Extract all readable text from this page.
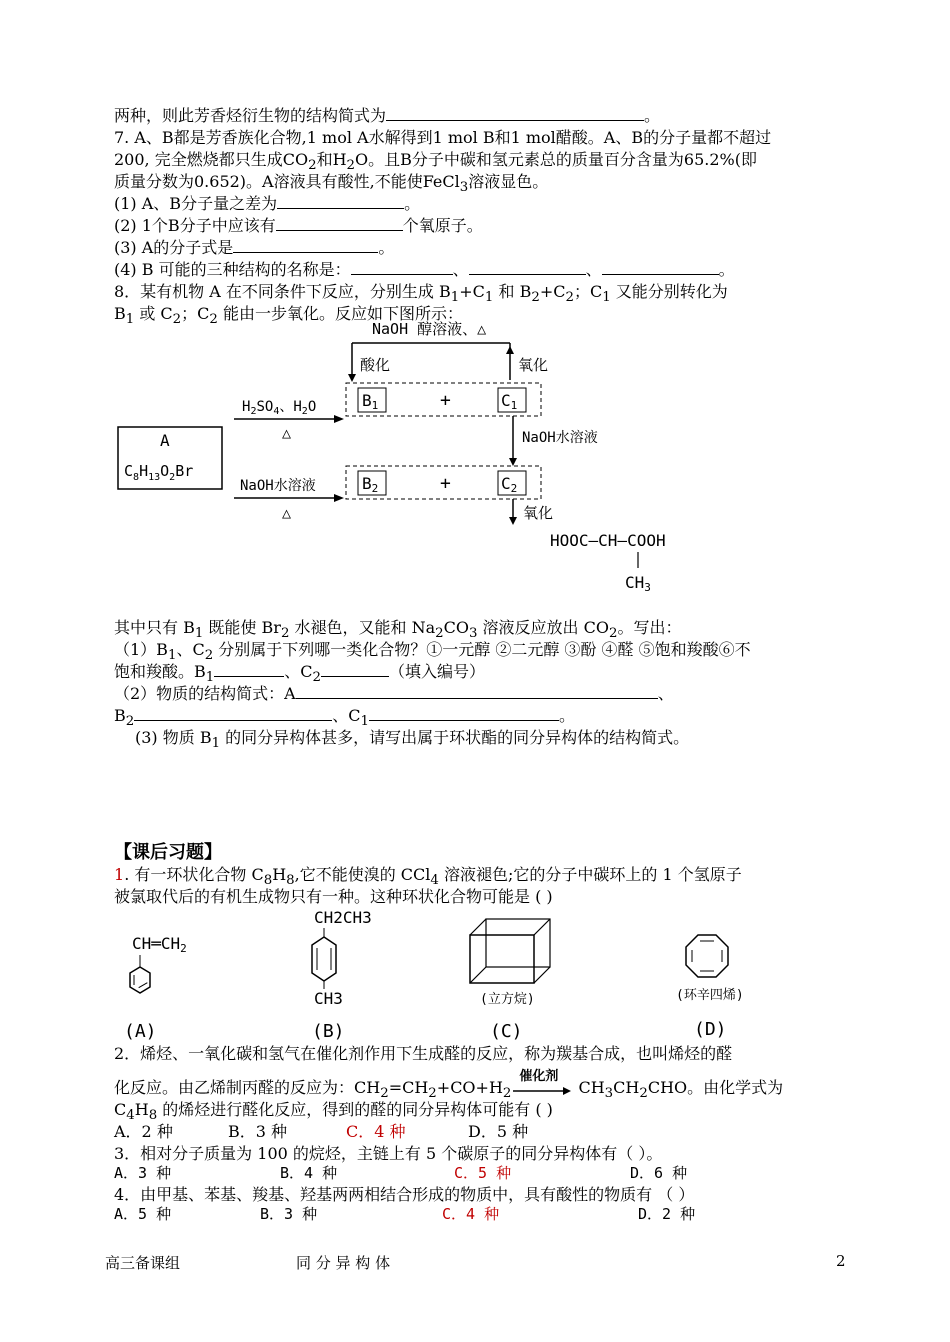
两种，则此芳香烃衍生物的结构简式为	。
7. A、B都是芳香族化合物,1 mol A水解得到1 mol B和1 mol醋酸。A、B的分子量都不超过
200, 完全燃烧都只生成$CO_2$和$H_2O$。且B分子中碳和氢元素总的质量百分含量为65.2%(即
质量分数为0.652)。A溶液具有酸性,不能使FeCl$_3$溶液显色。
(1) A、B分子量之差为	。
(2) 1个B分子中应该有	个氧原子。
(3) A的分子式是	。
(4) B 可能的三种结构的名称是：	、	、	。
8．某有机物 A 在不同条件下反应，分别生成 $B_1+C_1$ 和 $B_2+C_2$；$C_1$ 又能分别转化为
$B_1$ 或 $C_2$；$C_2$ 能由一步氧化。反应如下图所示：
NaOH 醇溶液、△
酸化	氧化
B1	+	C1
A
$C_8H_{13}O_2Br$
$H_2SO_4$、$H_2O$
△
NaOH水溶液
△
NaOH水溶液
B2	+	C2
氧化
HOOC—CH—COOH
CH3
其中只有 $B_1$ 既能使 $Br_2$ 水褪色，又能和 $Na_2CO_3$ 溶液反应放出 $CO_2$。写出：
$(1)B_1$、$C_2$ 分别属于下列哪一类化合物？①一元醇 ②二元醇 ③酚 ④醛 ⑤饱和羧酸⑥不
饱和羧酸。$B_1$	、$C_2$	（填入编号）
（2）物质的结构简式：A	、
$B_2$	、$C_1$	。
(3) 物质 $B_1$ 的同分异构体甚多，请写出属于环状酯的同分异构体的结构简式。
【课后习题】
1. 有一环状化合物 $C_8H_8$,它不能使溴的 CCl$_4$ 溶液褪色;它的分子中碳环上的 1 个氢原子
被氯取代后的有机生成物只有一种。这种环状化合物可能是 ( )
CH═CH2
(A)
CH2CH3
CH3
(B)
(立方烷)
(C)
(环辛四烯)
(D)
2．烯烃、一氧化碳和氢气在催化剂作用下生成醛的反应，称为羰基合成，也叫烯烃的醛
化反应。由乙烯制丙醛的反应为：$CH_2=CH_2+CO+H_2$
催化剂
$CH_3CH_2CHO$。由化学式为
$C_4H_8$ 的烯烃进行醛化反应，得到的醛的同分异构体可能有 ( )
A．2 种	B．3 种	C．4 种	D．5 种
3．相对分子质量为 100 的烷烃，主链上有 5 个碳原子的同分异构体有（ ）。
A．3 种	B．4 种	C．5 种	D．6 种
4．由甲基、苯基、羧基、羟基两两相结合形成的物质中，具有酸性的物质有 （ ）
A．5 种	B．3 种	C．4 种	D．2 种
高三备课组	同 分 异 构 体	2
